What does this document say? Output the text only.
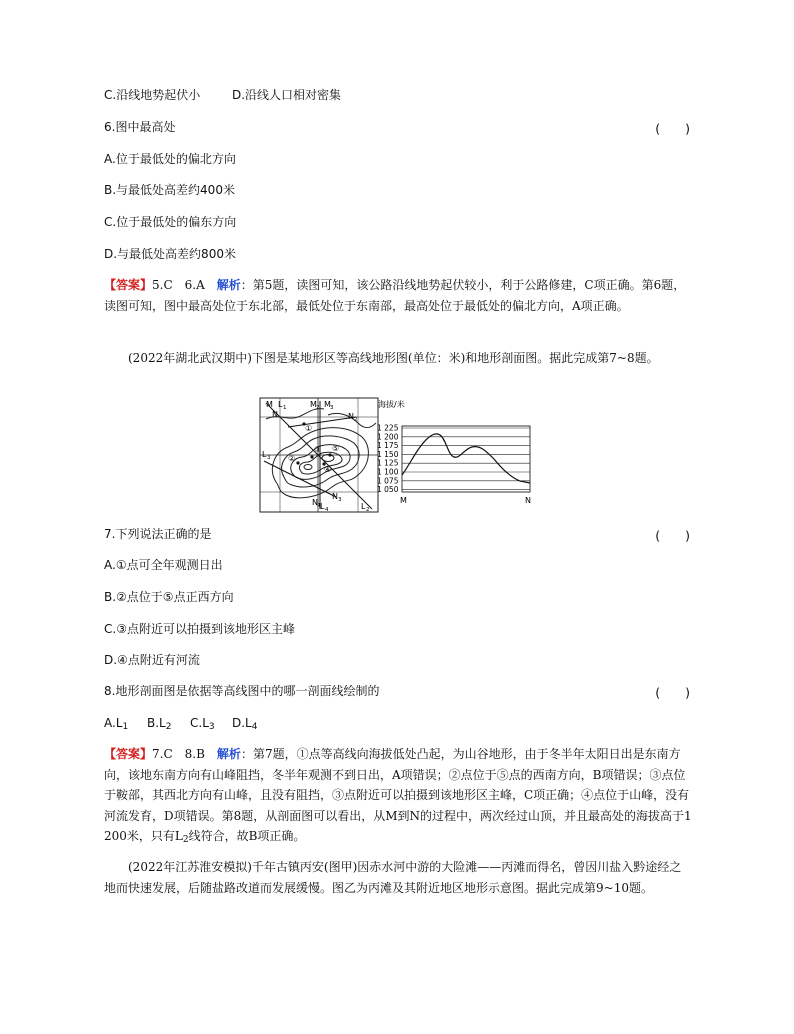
C.沿线地势起伏小	D.沿线人口相对密集
6.图中最高处	(　　)
A.位于最低处的偏北方向
B.与最低处高差约400米
C.位于最低处的偏东方向
D.与最低处高差约800米
【答案】5.C　6.A　解析：第5题，读图可知，该公路沿线地势起伏较小，利于公路修建，C项正确。第6题，读图可知，图中最高处位于东北部，最低处位于东南部，最高处位于最低处的偏北方向，A项正确。
(2022年湖北武汉期中)下图是某地形区等高线地形图(单位：米)和地形剖面图。据此完成第7~8题。
M
N
L 1	M 2 M 3
N 2
①
②
③
④
⑤
L 3
L 4
N 3
N 4	L 2
海拔/米
1 225
1 200
1 175
1 150
1 125
1 100
1 075
1 050
M	N
7.下列说法正确的是	(　　)
A.①点可全年观测日出
B.②点位于⑤点正西方向
C.③点附近可以拍摄到该地形区主峰
D.④点附近有河流
8.地形剖面图是依据等高线图中的哪一剖面线绘制的	(　　)
$A.L_1$ $B.L_2$ $C.L_3$ $D.L_4$
【答案】7.C　8.B　解析：第7题，①点等高线向海拔低处凸起，为山谷地形，由于冬半年太阳日出是东南方向，该地东南方向有山峰阻挡，冬半年观测不到日出，A项错误；②点位于⑤点的西南方向，B项错误；③点位于鞍部，其西北方向有山峰，且没有阻挡，③点附近可以拍摄到该地形区主峰，C项正确；④点位于山峰，没有河流发育，D项错误。第8题，从剖面图可以看出，从M到N的过程中，两次经过山顶，并且最高处的海拔高于1 200米，只有$L_2$线符合，故B项正确。
(2022年江苏淮安模拟)千年古镇丙安(图甲)因赤水河中游的大险滩——丙滩而得名，曾因川盐入黔途经之地而快速发展，后随盐路改道而发展缓慢。图乙为丙滩及其附近地区地形示意图。据此完成第9~10题。
